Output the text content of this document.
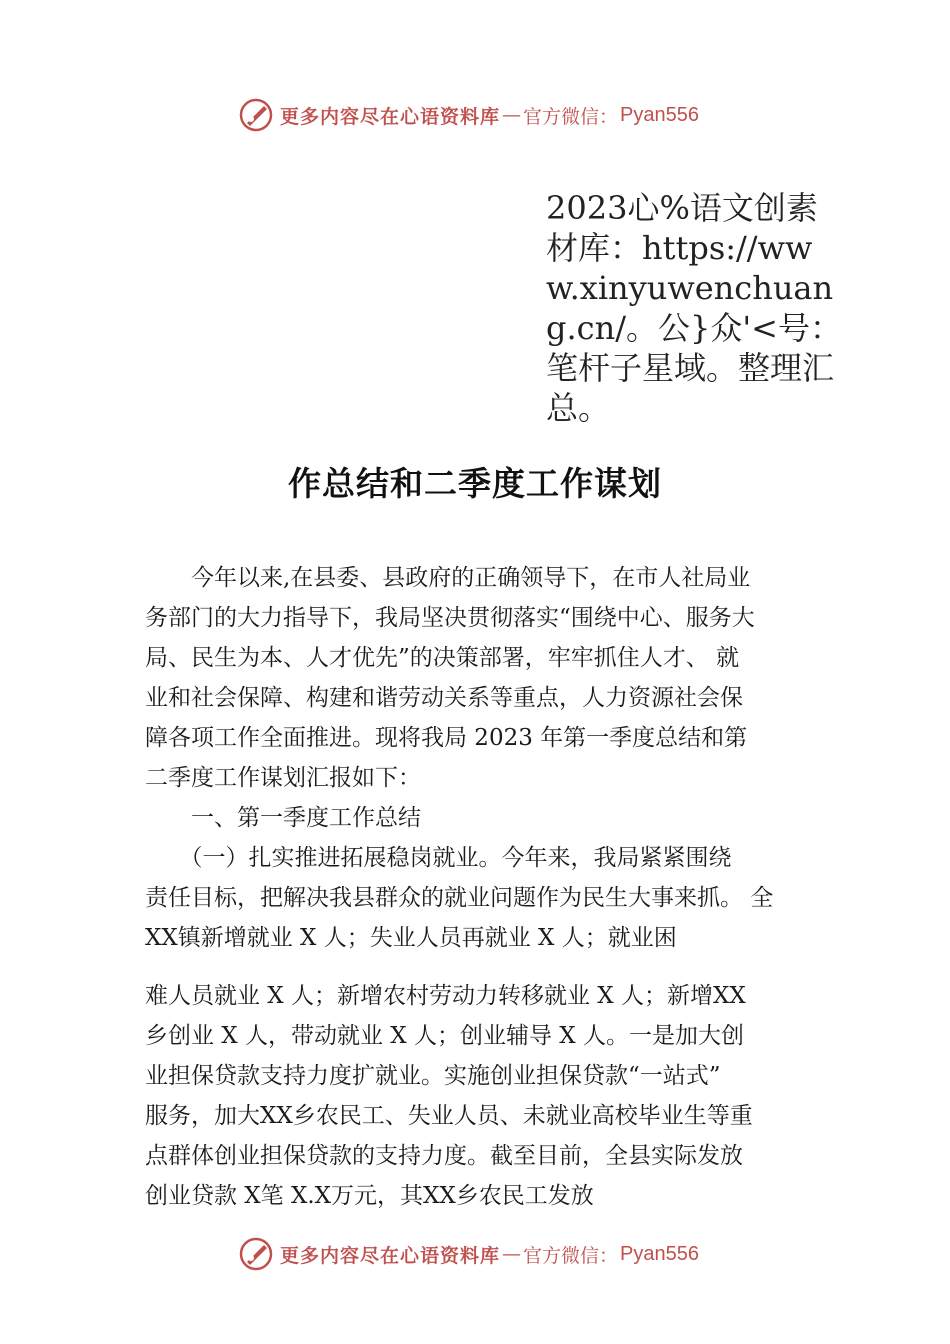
更多内容尽在心语资料库 — 官方微信： Pyan556
2023心%语文创素材库：https://www.xinyuwenchuang.cn/。公}众'<号：笔杆子星域。整理汇总。
作总结和二季度工作谋划
　　今年以来,在县委、县政府的正确领导下，在市人社局业
务部门的大力指导下，我局坚决贯彻落实“围绕中心、服务大
局、民生为本、人才优先”的决策部署，牢牢抓住人才、 就
业和社会保障、构建和谐劳动关系等重点，人力资源社会保
障各项工作全面推进。现将我局 2023 年第一季度总结和第
二季度工作谋划汇报如下：
　　一、第一季度工作总结
　　（一）扎实推进拓展稳岗就业。今年来，我局紧紧围绕
责任目标，把解决我县群众的就业问题作为民生大事来抓。 全
XX镇新增就业 X 人；失业人员再就业 X 人；就业困
难人员就业 X 人；新增农村劳动力转移就业 X 人；新增XX
乡创业 X 人，带动就业 X 人；创业辅导 X 人。一是加大创
业担保贷款支持力度扩就业。实施创业担保贷款“一站式”
服务，加大XX乡农民工、失业人员、未就业高校毕业生等重
点群体创业担保贷款的支持力度。截至目前，全县实际发放
创业贷款 X笔 X.X万元，其XX乡农民工发放
更多内容尽在心语资料库 — 官方微信： Pyan556
